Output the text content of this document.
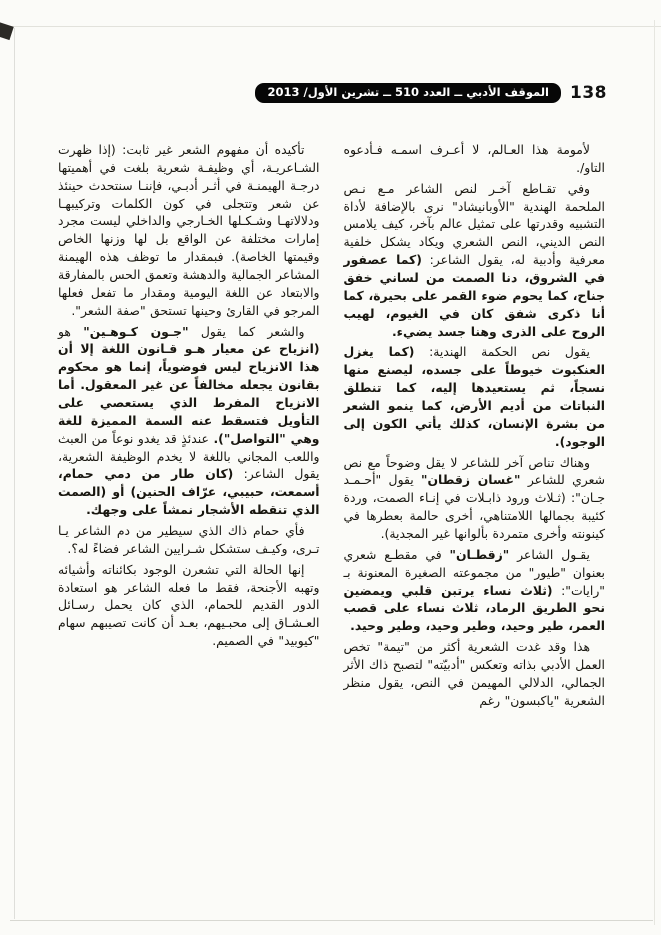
138
الموقف الأدبي ــ العدد 510 ــ تشرين الأول/ 2013

لأمومة هذا العـالم، لا أعـرف اسمـه فـأدعوه التاو/.

وفي تقـاطع آخـر لنص الشاعر مـع نـص الملحمة الهندية "الأوبانيشاد" نرى بالإضافة لأداة التشبيه وقدرتها على تمثيل عالم بآخر، كيف يلامس النص الديني، النص الشعري ويكاد يشكل خلفية معرفية وأدبية له، يقول الشاعر: (كما عصفور في الشروق، دنا الصمت من لساني خفق جناح، كما يحوم ضوء القمر على بحيرة، كما أنا ذكرى شفق كان في الغيوم، لهيب الروح على الذرى وهنا جسد يضيء.

يقول نص الحكمة الهندية: (كما يغزل العنكبوت خيوطاً على جسده، ليصنع منها نسجاً، ثم يستعيدها إليه، كما تنطلق النباتات من أديم الأرض، كما ينمو الشعر من بشرة الإنسان، كذلك يأتي الكون إلى الوجود).

وهناك تناص آخر للشاعر لا يقل وضوحاً مع نص شعري للشاعر "غسان زقطان" يقول "أحـمـد جـان": (ثـلاث ورود ذابـلات في إنـاء الصمت، وردة كئيبة بجمالها اللامتناهي، أخرى حالمة بعطرها في كينونته وأخرى متمردة بألوانها غير المجدية).

يقـول الشاعر "زقطـان" في مقطـع شعري بعنوان "طيور" من مجموعته الصغيرة المعنونة بـ "رايات": (ثلاث نساء يرتبن قلبي ويمضين نحو الطريق الرماد، ثلاث نساء على قصب العمر، طير وحيد، وطير وحيد، وطير وحيد.

هذا وقد غدت الشعرية أكثر من "تيمة" تخص العمل الأدبي بذاته وتعكس "أدبيّته" لتصبح ذاك الأثر الجمالي، الدلالي المهيمن في النص، يقول منظر الشعرية "ياكبسون" رغم

تأكيده أن مفهوم الشعر غير ثابت: (إذا ظهرت الشـاعريـة، أي وظيفـة شعرية بلغت في أهميتها درجـة الهيمنـة في أثـر أدبـي، فإننـا سنتحدث حينئذ عن شعر وتتجلى في كون الكلمات وتركيبهـا ودلالاتهـا وشـكـلها الخـارجي والداخلي ليست مجرد إمارات مختلفة عن الواقع بل لها وزنها الخاص وقيمتها الخاصة). فبمقدار ما توظف هذه الهيمنة المشاعر الجمالية والدهشة وتعمق الحس بالمفارقة والابتعاد عن اللغة اليومية ومقدار ما تفعل فعلها المرجو في القارئ وحينها تستحق "صفة الشعر".

والشعر كما يقول "جـون كـوهـين" هو (انزياح عن معيار هـو قـانون اللغة إلا أن هذا الانزياح ليس فوضوياً، إنما هو محكوم بقانون يجعله مخالفاً عن غير المعقول. أما الانزياح المفرط الذي يستعصي على التأويل فتسقط عنه السمة المميزة للغة وهي "التواصل"). عندئذٍ قد يغدو نوعاً من العبث واللعب المجاني باللغة لا يخدم الوظيفة الشعرية، يقول الشاعر: (كان طار من دمي حمام، أسمعت، حبيبي، عرّاف الحنين) أو (الصمت الذي تنقطه الأشجار نمشاً على وجهك.

فأي حمام ذاك الذي سيطير من دم الشاعر يـا تـرى، وكيـف ستشكل شـرايين الشاعر فضاءً له؟.

إنها الحالة التي تشعرن الوجود بكائناته وأشيائه وتهبه الأجنحة، فقط ما فعله الشاعر هو استعادة الدور القديم للحمام، الذي كان يحمل رسـائل العـشـاق إلى محبـيهم، بعـد أن كانت تصيبهم سهام "كيوبيد" في الصميم.
